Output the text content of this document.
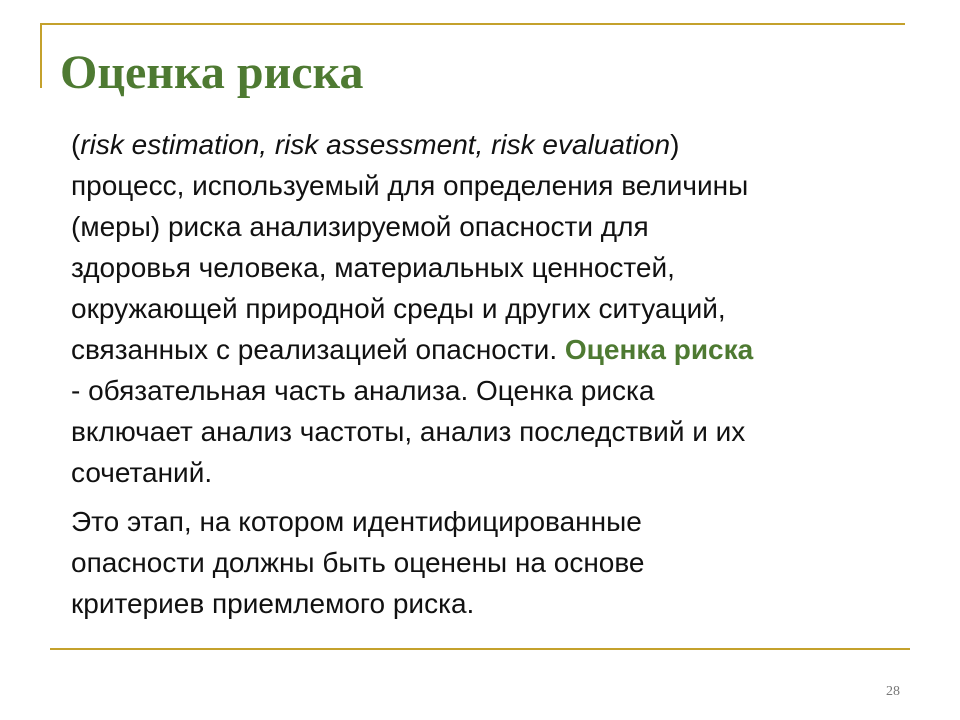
Оценка риска

(risk estimation, risk assessment, risk evaluation)
процесс, используемый для определения величины
(меры) риска анализируемой опасности для
здоровья человека, материальных ценностей,
окружающей природной среды и других ситуаций,
связанных с реализацией опасности. Оценка риска
- обязательная часть анализа. Оценка риска
включает анализ частоты, анализ последствий и их
сочетаний.

Это этап, на котором идентифицированные
опасности должны быть оценены на основе
критериев приемлемого риска.

28
